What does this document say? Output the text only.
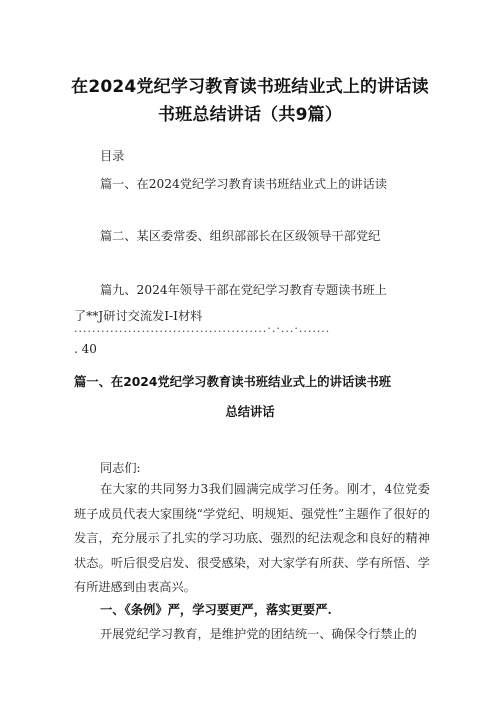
在2024党纪学习教育读书班结业式上的讲话读
书班总结讲话（共9篇）
目录
篇一、在2024党纪学习教育读书班结业式上的讲话读
篇二、某区委常委、组织部部长在区级领导干部党纪
篇九、2024年领导干部在党纪学习教育专题读书班上
了**J研讨交流发I-I材料
...........................................·.·...·.......
. 40
篇一、在2024党纪学习教育读书班结业式上的讲话读书班
总结讲话
同志们:
在大家的共同努力3我们圆满完成学习任务。刚才，4位党委班子成员代表大家围绕“学党纪、明规矩、强党性”主题作了很好的发言，充分展示了扎实的学习功底、强烈的纪法观念和良好的精神状态。听后很受启发、很受感染，对大家学有所获、学有所悟、学有所进感到由衷高兴。
一、《条例》严，学习要更严，落实更要严.
开展党纪学习教育，是维护党的团结统一、确保令行禁止的
